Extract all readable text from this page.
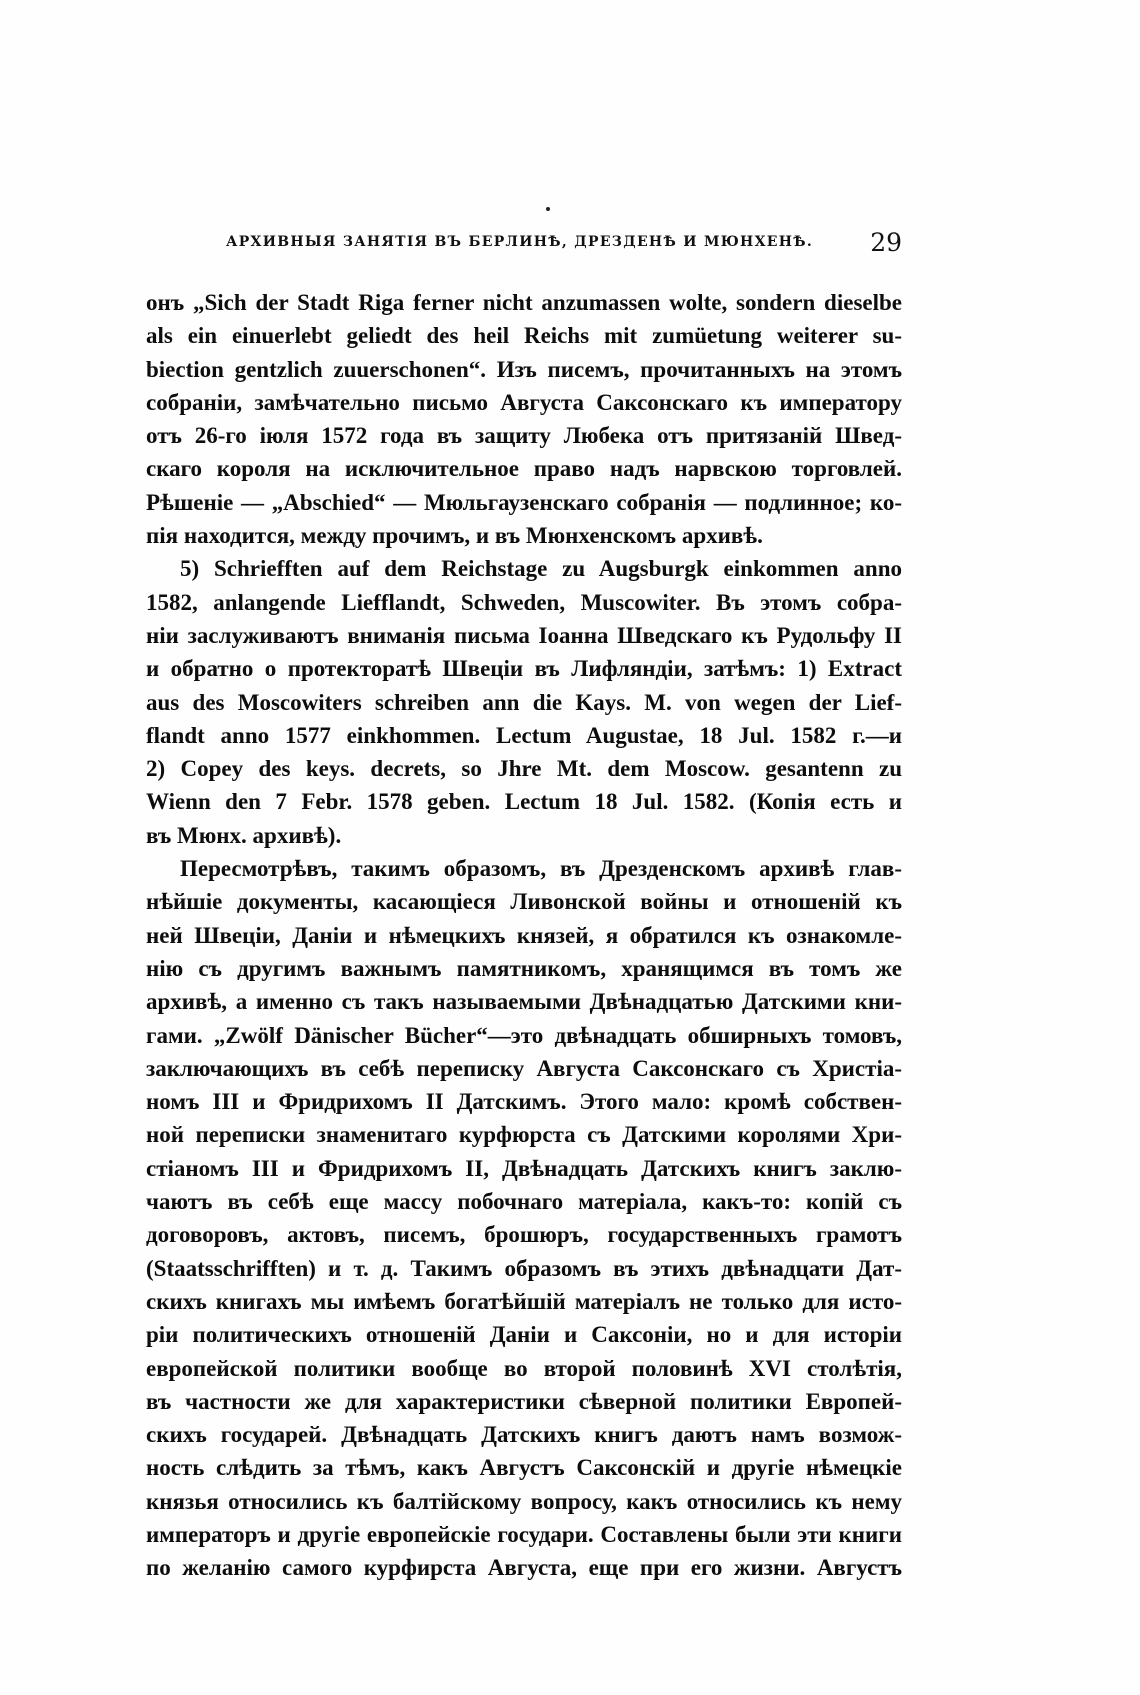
АРХИВНЫЯ ЗАНЯТІЯ ВЪ БЕРЛИНѢ, ДРЕЗДЕНѢ И МЮНХЕНѢ. 29
онъ „Sich der Stadt Riga ferner nicht anzumassen wolte, sondern dieselbe
als ein einuerlebt geliedt des heil Reichs mit zumüetung weiterer su-
biection gentzlich zuuerschonen“. Изъ писемъ, прочитанныхъ на этомъ
собраніи, замѣчательно письмо Августа Саксонскаго къ императору
отъ 26-го іюля 1572 года въ защиту Любека отъ притязаній Швед-
скаго короля на исключительное право надъ нарвскою торговлей.
Рѣшеніе — „Abschied“ — Мюльгаузенскаго собранія — подлинное; ко-
пія находится, между прочимъ, и въ Мюнхенскомъ архивѣ.
5) Schriefften auf dem Reichstage zu Augsburgk einkommen anno
1582, anlangende Liefflandt, Schweden, Muscowiter. Въ этомъ собра-
ніи заслуживаютъ вниманія письма Іоанна Шведскаго къ Рудольфу II
и обратно о протекторатѣ Швеціи въ Лифляндіи, затѣмъ: 1) Extract
aus des Moscowiters schreiben ann die Kays. M. von wegen der Lief-
flandt anno 1577 einkhommen. Lectum Augustae, 18 Jul. 1582 г.—и
2) Copey des keys. decrets, so Jhre Mt. dem Moscow. gesantenn zu
Wienn den 7 Febr. 1578 geben. Lectum 18 Jul. 1582. (Копія есть и
въ Мюнх. архивѣ).
Пересмотрѣвъ, такимъ образомъ, въ Дрезденскомъ архивѣ глав-
нѣйшіе документы, касающіеся Ливонской войны и отношеній къ
ней Швеціи, Даніи и нѣмецкихъ князей, я обратился къ ознакомле-
нію съ другимъ важнымъ памятникомъ, хранящимся въ томъ же
архивѣ, а именно съ такъ называемыми Двѣнадцатью Датскими кни-
гами. „Zwölf Dänischer Bücher“—это двѣнадцать обширныхъ томовъ,
заключающихъ въ себѣ переписку Августа Саксонскаго съ Христіа-
номъ III и Фридрихомъ II Датскимъ. Этого мало: кромѣ собствен-
ной переписки знаменитаго курфюрста съ Датскими королями Хри-
стіаномъ III и Фридрихомъ II, Двѣнадцать Датскихъ книгъ заклю-
чаютъ въ себѣ еще массу побочнаго матеріала, какъ-то: копій съ
договоровъ, актовъ, писемъ, брошюръ, государственныхъ грамотъ
(Staatsschrifften) и т. д. Такимъ образомъ въ этихъ двѣнадцати Дат-
скихъ книгахъ мы имѣемъ богатѣйшій матеріалъ не только для исто-
ріи политическихъ отношеній Даніи и Саксоніи, но и для исторіи
европейской политики вообще во второй половинѣ XVI столѣтія,
въ частности же для характеристики сѣверной политики Европей-
скихъ государей. Двѣнадцать Датскихъ книгъ даютъ намъ возмож-
ность слѣдить за тѣмъ, какъ Августъ Саксонскій и другіе нѣмецкіе
князья относились къ балтійскому вопросу, какъ относились къ нему
императоръ и другіе европейскіе государи. Составлены были эти книги
по желанію самого курфирста Августа, еще при его жизни. Августъ
